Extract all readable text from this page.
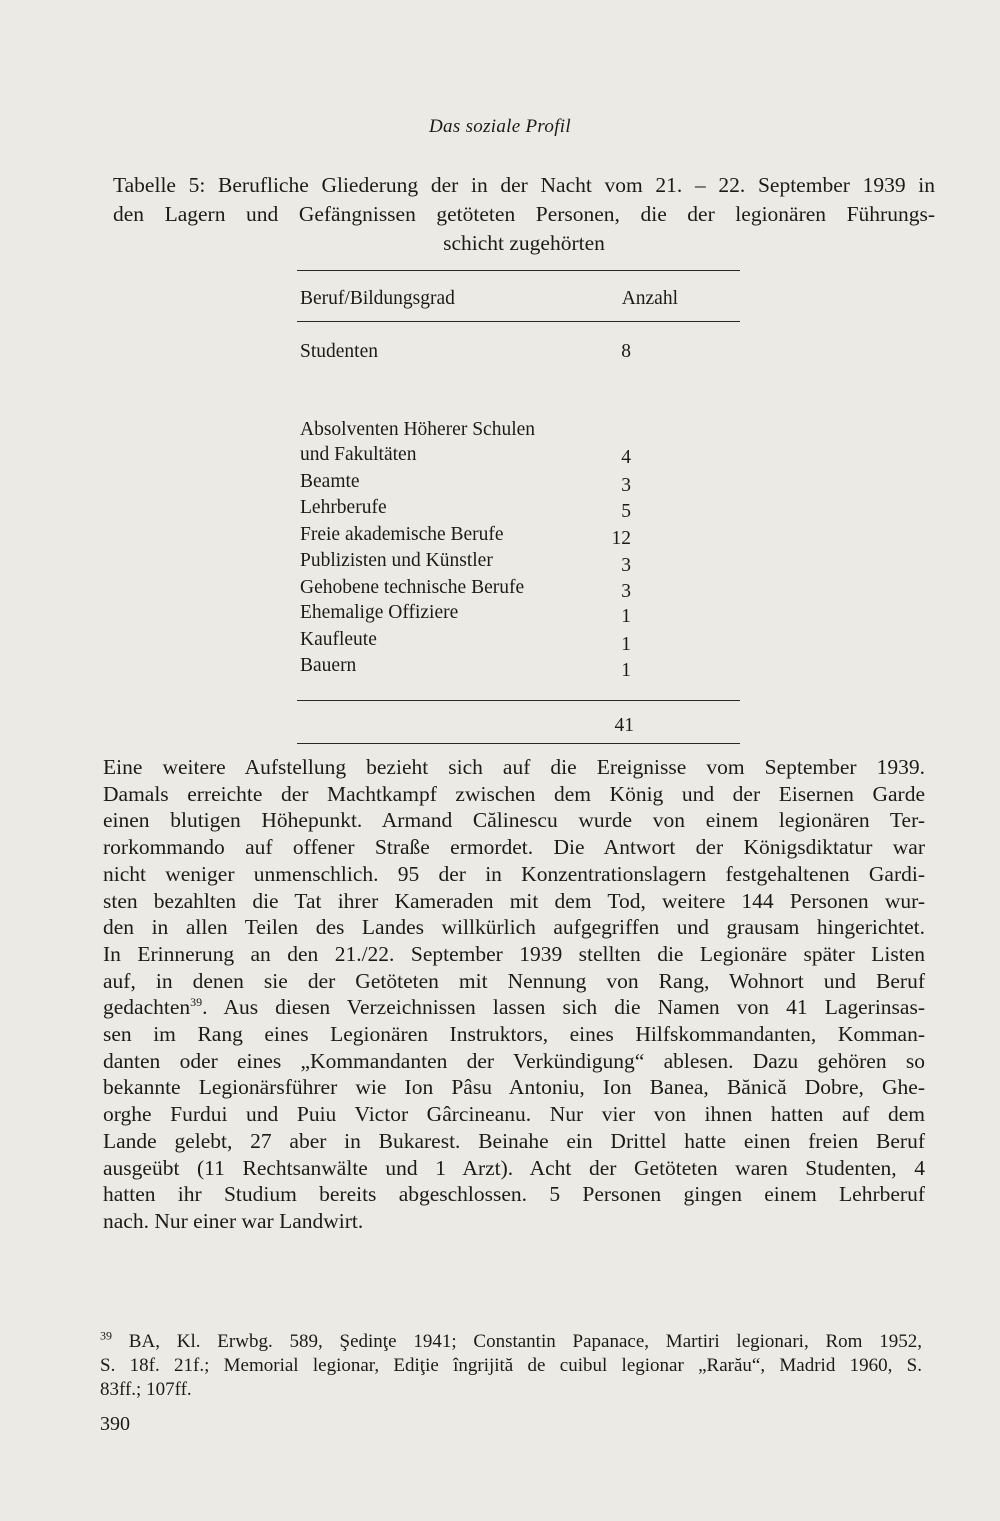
Das soziale Profil
Tabelle 5: Berufliche Gliederung der in der Nacht vom 21. – 22. September 1939 in
den Lagern und Gefängnissen getöteten Personen, die der legionären Führungs-
schicht zugehörten
Beruf/Bildungsgrad	Anzahl
Studenten	8
Absolventen Höherer Schulen
und Fakultäten	4
Beamte	3
Lehrberufe	5
Freie akademische Berufe	12
Publizisten und Künstler	3
Gehobene technische Berufe	3
Ehemalige Offiziere	1
Kaufleute	1
Bauern	1
41
Eine weitere Aufstellung bezieht sich auf die Ereignisse vom September 1939.
Damals erreichte der Machtkampf zwischen dem König und der Eisernen Garde
einen blutigen Höhepunkt. Armand Călinescu wurde von einem legionären Ter-
rorkommando auf offener Straße ermordet. Die Antwort der Königsdiktatur war
nicht weniger unmenschlich. 95 der in Konzentrationslagern festgehaltenen Gardi-
sten bezahlten die Tat ihrer Kameraden mit dem Tod, weitere 144 Personen wur-
den in allen Teilen des Landes willkürlich aufgegriffen und grausam hingerichtet.
In Erinnerung an den 21./22. September 1939 stellten die Legionäre später Listen
auf, in denen sie der Getöteten mit Nennung von Rang, Wohnort und Beruf
gedachten$^{39}$. Aus diesen Verzeichnissen lassen sich die Namen von 41 Lagerinsas-
sen im Rang eines Legionären Instruktors, eines Hilfskommandanten, Komman-
danten oder eines „Kommandanten der Verkündigung“ ablesen. Dazu gehören so
bekannte Legionärsführer wie Ion Pâsu Antoniu, Ion Banea, Bănică Dobre, Ghe-
orghe Furdui und Puiu Victor Gârcineanu. Nur vier von ihnen hatten auf dem
Lande gelebt, 27 aber in Bukarest. Beinahe ein Drittel hatte einen freien Beruf
ausgeübt (11 Rechtsanwälte und 1 Arzt). Acht der Getöteten waren Studenten, 4
hatten ihr Studium bereits abgeschlossen. 5 Personen gingen einem Lehrberuf
nach. Nur einer war Landwirt.
$^{39}$ BA, Kl. Erwbg. 589, Şedinţe 1941; Constantin Papanace, Martiri legionari, Rom 1952,
S. 18f. 21f.; Memorial legionar, Ediţie îngrijită de cuibul legionar „Rarău“, Madrid 1960, S.
83ff.; 107ff.
390
